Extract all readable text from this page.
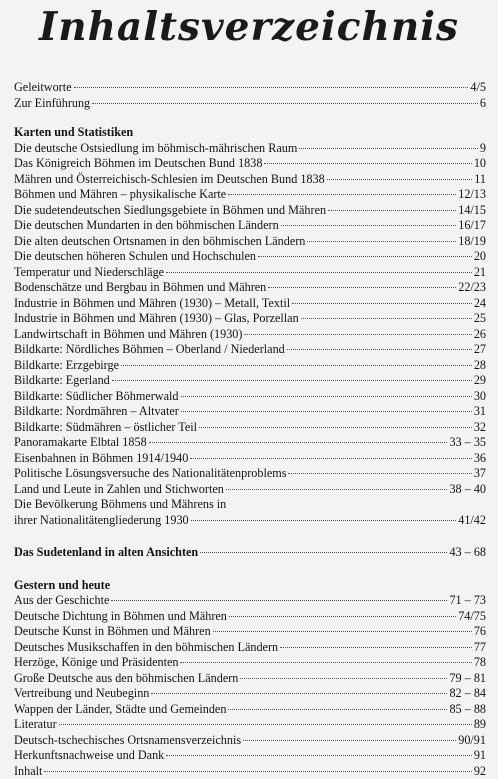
Inhaltsverzeichnis
Geleitworte	4/5
Zur Einführung	6
Karten und Statistiken
Die deutsche Ostsiedlung im böhmisch-mährischen Raum	9
Das Königreich Böhmen im Deutschen Bund 1838	10
Mähren und Österreichisch-Schlesien im Deutschen Bund 1838	11
Böhmen und Mähren – physikalische Karte	12/13
Die sudetendeutschen Siedlungsgebiete in Böhmen und Mähren	14/15
Die deutschen Mundarten in den böhmischen Ländern	16/17
Die alten deutschen Ortsnamen in den böhmischen Ländern	18/19
Die deutschen höheren Schulen und Hochschulen	20
Temperatur und Niederschläge	21
Bodenschätze und Bergbau in Böhmen und Mähren	22/23
Industrie in Böhmen und Mähren (1930) – Metall, Textil	24
Industrie in Böhmen und Mähren (1930) – Glas, Porzellan	25
Landwirtschaft in Böhmen und Mähren (1930)	26
Bildkarte: Nördliches Böhmen – Oberland / Niederland	27
Bildkarte: Erzgebirge	28
Bildkarte: Egerland	29
Bildkarte: Südlicher Böhmerwald	30
Bildkarte: Nordmähren – Altvater	31
Bildkarte: Südmähren – östlicher Teil	32
Panoramakarte Elbtal 1858	33 – 35
Eisenbahnen in Böhmen 1914/1940	36
Politische Lösungsversuche des Nationalitätenproblems	37
Land und Leute in Zahlen und Stichworten	38 – 40
Die Bevölkerung Böhmens und Mährens in
ihrer Nationalitätengliederung 1930	41/42
Das Sudetenland in alten Ansichten	43 – 68
Gestern und heute
Aus der Geschichte	71 – 73
Deutsche Dichtung in Böhmen und Mähren	74/75
Deutsche Kunst in Böhmen und Mähren	76
Deutsches Musikschaffen in den böhmischen Ländern	77
Herzöge, Könige und Präsidenten	78
Große Deutsche aus den böhmischen Ländern	79 – 81
Vertreibung und Neubeginn	82 – 84
Wappen der Länder, Städte und Gemeinden	85 – 88
Literatur	89
Deutsch-tschechisches Ortsnamensverzeichnis	90/91
Herkunftsnachweise und Dank	91
Inhalt	92
